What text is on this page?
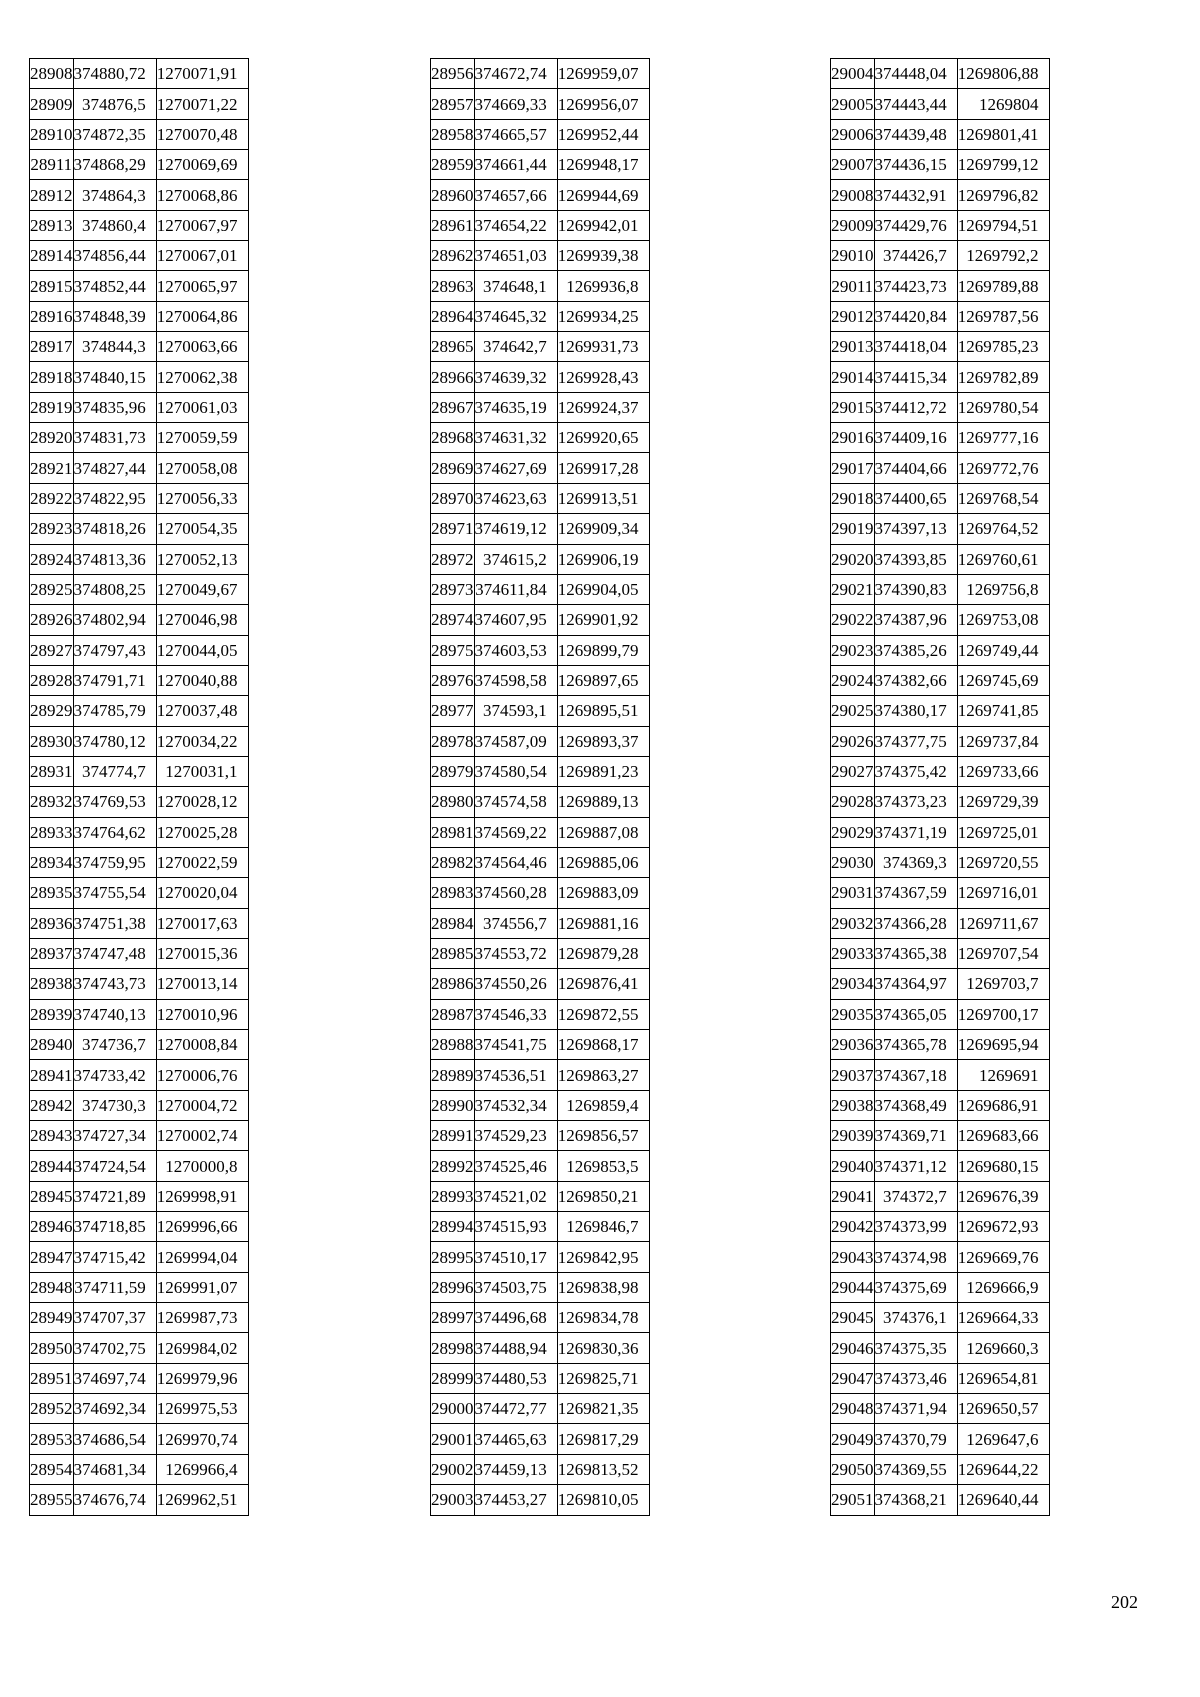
28908	374880,72	1270071,91
28909	374876,5	1270071,22
28910	374872,35	1270070,48
28911	374868,29	1270069,69
28912	374864,3	1270068,86
28913	374860,4	1270067,97
28914	374856,44	1270067,01
28915	374852,44	1270065,97
28916	374848,39	1270064,86
28917	374844,3	1270063,66
28918	374840,15	1270062,38
28919	374835,96	1270061,03
28920	374831,73	1270059,59
28921	374827,44	1270058,08
28922	374822,95	1270056,33
28923	374818,26	1270054,35
28924	374813,36	1270052,13
28925	374808,25	1270049,67
28926	374802,94	1270046,98
28927	374797,43	1270044,05
28928	374791,71	1270040,88
28929	374785,79	1270037,48
28930	374780,12	1270034,22
28931	374774,7	1270031,1
28932	374769,53	1270028,12
28933	374764,62	1270025,28
28934	374759,95	1270022,59
28935	374755,54	1270020,04
28936	374751,38	1270017,63
28937	374747,48	1270015,36
28938	374743,73	1270013,14
28939	374740,13	1270010,96
28940	374736,7	1270008,84
28941	374733,42	1270006,76
28942	374730,3	1270004,72
28943	374727,34	1270002,74
28944	374724,54	1270000,8
28945	374721,89	1269998,91
28946	374718,85	1269996,66
28947	374715,42	1269994,04
28948	374711,59	1269991,07
28949	374707,37	1269987,73
28950	374702,75	1269984,02
28951	374697,74	1269979,96
28952	374692,34	1269975,53
28953	374686,54	1269970,74
28954	374681,34	1269966,4
28955	374676,74	1269962,51
28956	374672,74	1269959,07
28957	374669,33	1269956,07
28958	374665,57	1269952,44
28959	374661,44	1269948,17
28960	374657,66	1269944,69
28961	374654,22	1269942,01
28962	374651,03	1269939,38
28963	374648,1	1269936,8
28964	374645,32	1269934,25
28965	374642,7	1269931,73
28966	374639,32	1269928,43
28967	374635,19	1269924,37
28968	374631,32	1269920,65
28969	374627,69	1269917,28
28970	374623,63	1269913,51
28971	374619,12	1269909,34
28972	374615,2	1269906,19
28973	374611,84	1269904,05
28974	374607,95	1269901,92
28975	374603,53	1269899,79
28976	374598,58	1269897,65
28977	374593,1	1269895,51
28978	374587,09	1269893,37
28979	374580,54	1269891,23
28980	374574,58	1269889,13
28981	374569,22	1269887,08
28982	374564,46	1269885,06
28983	374560,28	1269883,09
28984	374556,7	1269881,16
28985	374553,72	1269879,28
28986	374550,26	1269876,41
28987	374546,33	1269872,55
28988	374541,75	1269868,17
28989	374536,51	1269863,27
28990	374532,34	1269859,4
28991	374529,23	1269856,57
28992	374525,46	1269853,5
28993	374521,02	1269850,21
28994	374515,93	1269846,7
28995	374510,17	1269842,95
28996	374503,75	1269838,98
28997	374496,68	1269834,78
28998	374488,94	1269830,36
28999	374480,53	1269825,71
29000	374472,77	1269821,35
29001	374465,63	1269817,29
29002	374459,13	1269813,52
29003	374453,27	1269810,05
29004	374448,04	1269806,88
29005	374443,44	1269804
29006	374439,48	1269801,41
29007	374436,15	1269799,12
29008	374432,91	1269796,82
29009	374429,76	1269794,51
29010	374426,7	1269792,2
29011	374423,73	1269789,88
29012	374420,84	1269787,56
29013	374418,04	1269785,23
29014	374415,34	1269782,89
29015	374412,72	1269780,54
29016	374409,16	1269777,16
29017	374404,66	1269772,76
29018	374400,65	1269768,54
29019	374397,13	1269764,52
29020	374393,85	1269760,61
29021	374390,83	1269756,8
29022	374387,96	1269753,08
29023	374385,26	1269749,44
29024	374382,66	1269745,69
29025	374380,17	1269741,85
29026	374377,75	1269737,84
29027	374375,42	1269733,66
29028	374373,23	1269729,39
29029	374371,19	1269725,01
29030	374369,3	1269720,55
29031	374367,59	1269716,01
29032	374366,28	1269711,67
29033	374365,38	1269707,54
29034	374364,97	1269703,7
29035	374365,05	1269700,17
29036	374365,78	1269695,94
29037	374367,18	1269691
29038	374368,49	1269686,91
29039	374369,71	1269683,66
29040	374371,12	1269680,15
29041	374372,7	1269676,39
29042	374373,99	1269672,93
29043	374374,98	1269669,76
29044	374375,69	1269666,9
29045	374376,1	1269664,33
29046	374375,35	1269660,3
29047	374373,46	1269654,81
29048	374371,94	1269650,57
29049	374370,79	1269647,6
29050	374369,55	1269644,22
29051	374368,21	1269640,44
202
